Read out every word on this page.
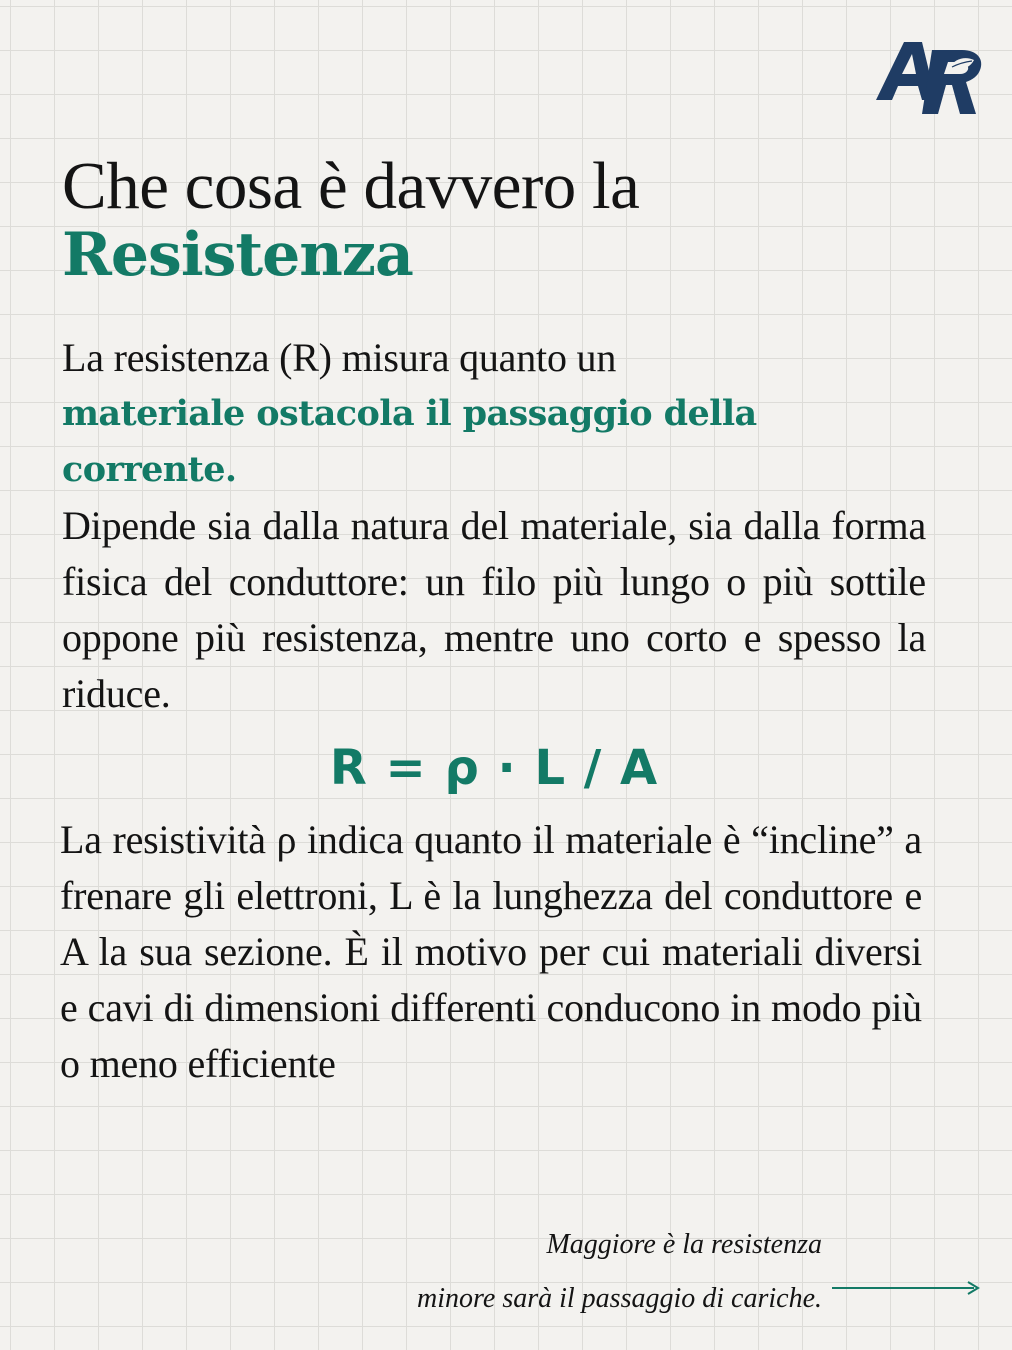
Che cosa è davvero la
Resistenza
La resistenza (R) misura quanto un
materiale ostacola il passaggio della
corrente.
Dipende sia dalla natura del materiale, sia dalla forma fisica del conduttore: un filo più lungo o più sottile oppone più resistenza, mentre uno corto e spesso la riduce.

R = ρ · L / A

La resistività ρ indica quanto il materiale è “incline” a frenare gli elettroni, L è la lunghezza del conduttore e A la sua sezione. È il motivo per cui materiali diversi e cavi di dimensioni differenti conducono in modo più o meno efficiente

Maggiore è la resistenza
minore sarà il passaggio di cariche.
